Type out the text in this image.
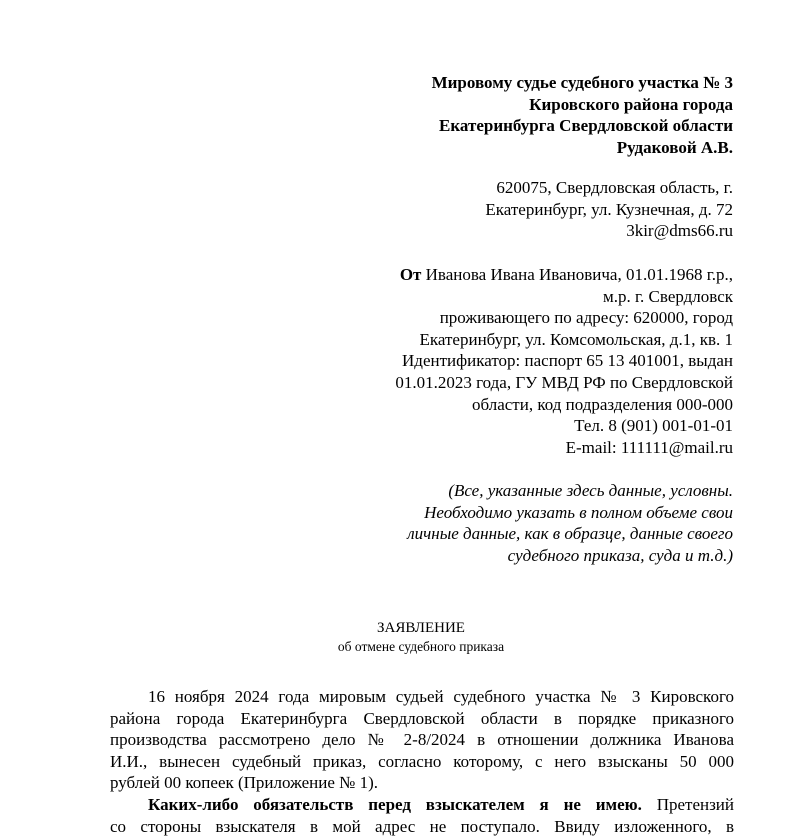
Мировому судье судебного участка № 3
Кировского района города
Екатеринбурга Свердловской области
Рудаковой А.В.
620075, Свердловская область, г.
Екатеринбург, ул. Кузнечная, д. 72
3kir@dms66.ru
От Иванова Ивана Ивановича, 01.01.1968 г.р.,
м.р. г. Свердловск
проживающего по адресу: 620000, город
Екатеринбург, ул. Комсомольская, д.1, кв. 1
Идентификатор: паспорт 65 13 401001, выдан
01.01.2023 года, ГУ МВД РФ по Свердловской
области, код подразделения 000-000
Тел. 8 (901) 001-01-01
E-mail: 111111@mail.ru
(Все, указанные здесь данные, условны.
Необходимо указать в полном объеме свои
личные данные, как в образце, данные своего
судебного приказа, суда и т.д.)
ЗАЯВЛЕНИЕ
об отмене судебного приказа
16 ноября 2024 года мировым судьей судебного участка № 3 Кировского
района города Екатеринбурга Свердловской области в порядке приказного
производства рассмотрено дело № 2-8/2024 в отношении должника Иванова
И.И., вынесен судебный приказ, согласно которому, с него взысканы 50 000
рублей 00 копеек (Приложение № 1).
Каких-либо обязательств перед взыскателем я не имею. Претензий
со стороны взыскателя в мой адрес не поступало. Ввиду изложенного, в
